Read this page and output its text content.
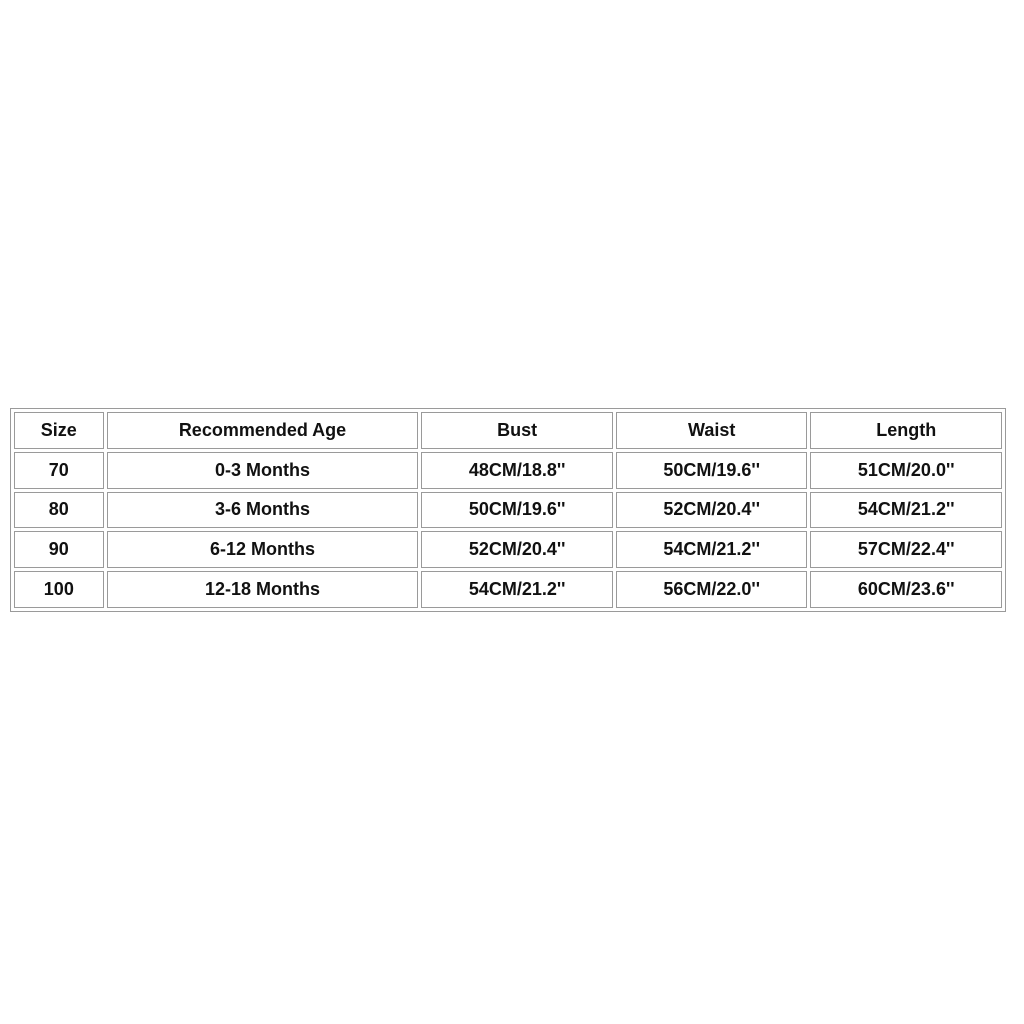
Size	Recommended Age	Bust	Waist	Length
70	0-3 Months	48CM/18.8''	50CM/19.6''	51CM/20.0''
80	3-6 Months	50CM/19.6''	52CM/20.4''	54CM/21.2''
90	6-12 Months	52CM/20.4''	54CM/21.2''	57CM/22.4''
100	12-18 Months	54CM/21.2''	56CM/22.0''	60CM/23.6''
